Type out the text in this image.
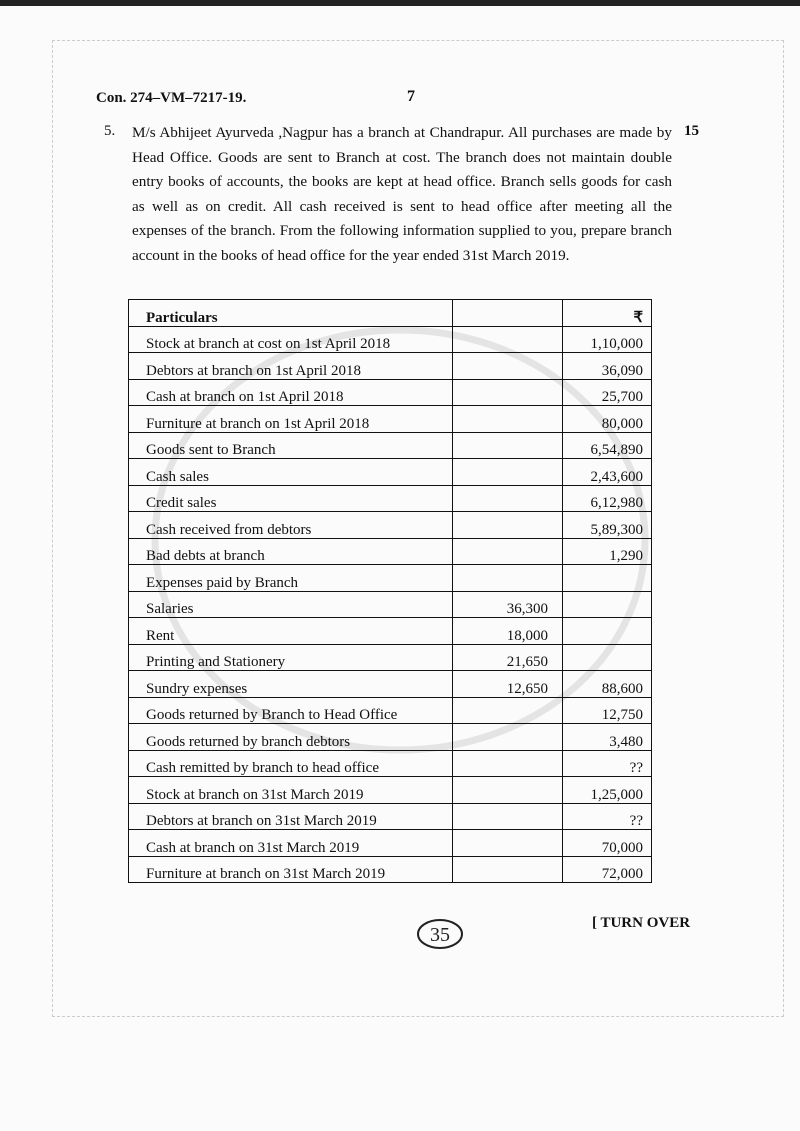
Con. 274–VM–7217-19.	7
5.	15
M/s Abhijeet Ayurveda ,Nagpur has a branch at Chandrapur. All purchases are made by Head Office. Goods are sent to Branch at cost. The branch does not maintain double entry books of accounts, the books are kept at head office. Branch sells goods for cash as well as on credit. All cash received is sent to head office after meeting all the expenses of the branch. From the following information supplied to you, prepare branch account in the books of head office for the year ended 31st March 2019.
Particulars		₹
Stock at branch at cost on 1st April 2018		1,10,000
Debtors at branch on 1st April 2018		36,090
Cash at branch on 1st April 2018		25,700
Furniture at branch on 1st April 2018		80,000
Goods sent to Branch		6,54,890
Cash sales		2,43,600
Credit sales		6,12,980
Cash received from debtors		5,89,300
Bad debts at branch		1,290
Expenses paid by Branch		
Salaries	36,300	
Rent	18,000	
Printing and Stationery	21,650	
Sundry expenses	12,650	88,600
Goods returned by Branch to Head Office		12,750
Goods returned by branch debtors		3,480
Cash remitted by branch to head office		??
Stock at branch on 31st March 2019		1,25,000
Debtors at branch on 31st March 2019		??
Cash at branch on 31st March 2019		70,000
Furniture at branch on 31st March 2019		72,000
[ TURN OVER
35
